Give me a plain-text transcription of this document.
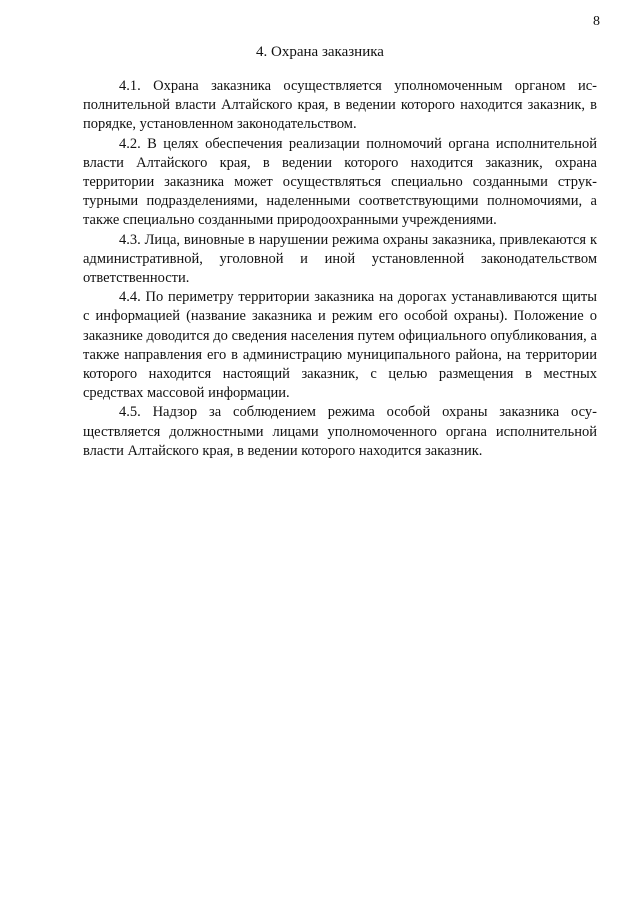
8
4. Охрана заказника

4.1. Охрана заказника осуществляется уполномоченным органом исполнительной власти Алтайского края, в ведении которого находится заказник, в порядке, установленном законодательством.

4.2. В целях обеспечения реализации полномочий органа исполнительной власти Алтайского края, в ведении которого находится заказник, охрана территории заказника может осуществляться специально созданными структурными подразделениями, наделенными соответствующими полномочиями, а также специально созданными природоохранными учреждениями.

4.3. Лица, виновные в нарушении режима охраны заказника, привлекаются к административной, уголовной и иной установленной законодательством ответственности.

4.4. По периметру территории заказника на дорогах устанавливаются щиты с информацией (название заказника и режим его особой охраны). Положение о заказнике доводится до сведения населения путем официального опубликования, а также направления его в администрацию муниципального района, на территории которого находится настоящий заказник, с целью размещения в местных средствах массовой информации.

4.5. Надзор за соблюдением режима особой охраны заказника осуществляется должностными лицами уполномоченного органа исполнительной власти Алтайского края, в ведении которого находится заказник.
